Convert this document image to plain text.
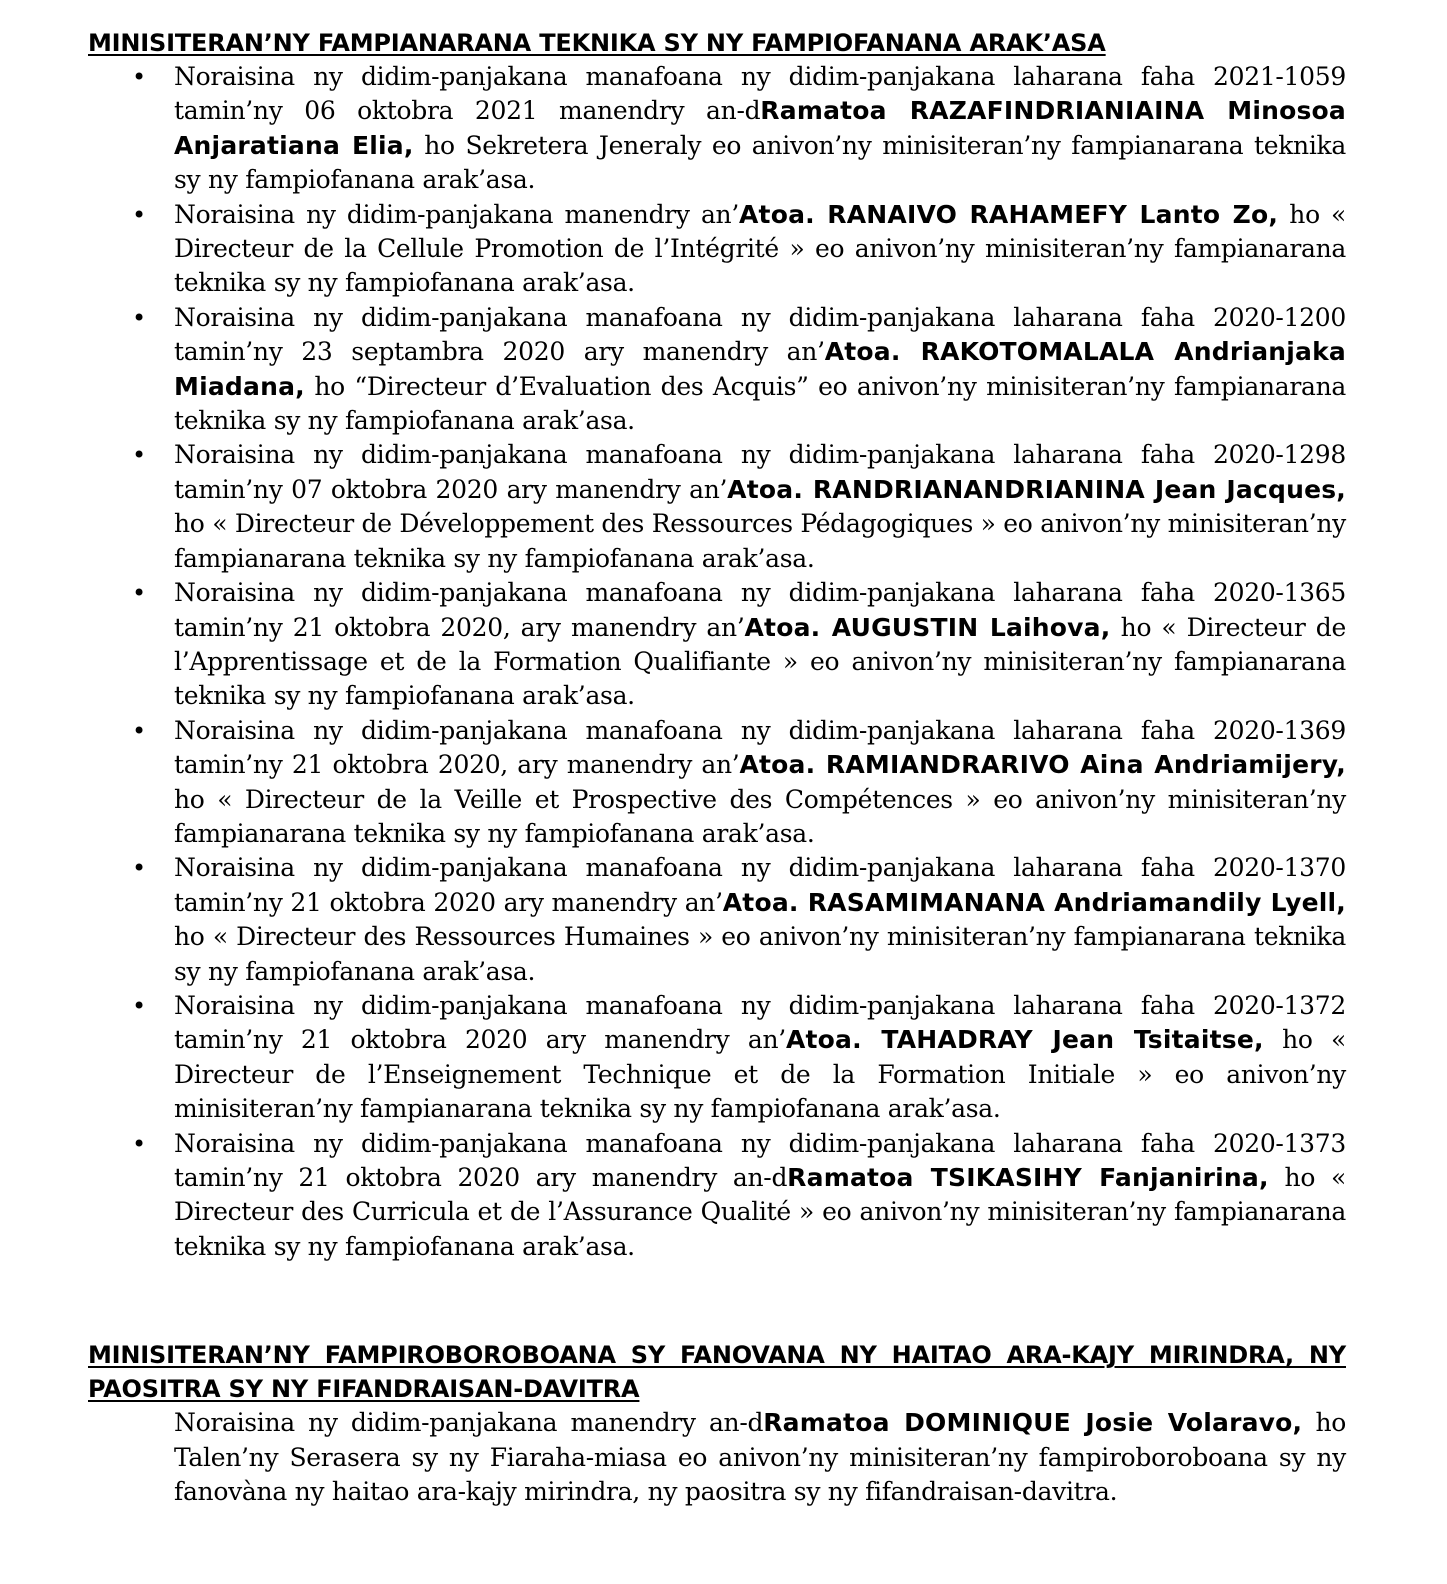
MINISITERAN’NY FAMPIANARANA TEKNIKA SY NY FAMPIOFANANA ARAK’ASA
• Noraisina ny didim-panjakana manafoana ny didim-panjakana laharana faha 2021-1059 tamin’ny 06 oktobra 2021 manendry an-dRamatoa RAZAFINDRIANIAINA Minosoa Anjaratiana Elia, ho Sekretera Jeneraly eo anivon’ny minisiteran’ny fampianarana teknika sy ny fampiofanana arak’asa.
• Noraisina ny didim-panjakana manendry an’Atoa. RANAIVO RAHAMEFY Lanto Zo, ho « Directeur de la Cellule Promotion de l’Intégrité » eo anivon’ny minisiteran’ny fampianarana teknika sy ny fampiofanana arak’asa.
• Noraisina ny didim-panjakana manafoana ny didim-panjakana laharana faha 2020-1200 tamin’ny 23 septambra 2020 ary manendry an’Atoa. RAKOTOMALALA Andrianjaka Miadana, ho “Directeur d’Evaluation des Acquis” eo anivon’ny minisiteran’ny fampianarana teknika sy ny fampiofanana arak’asa.
• Noraisina ny didim-panjakana manafoana ny didim-panjakana laharana faha 2020-1298 tamin’ny 07 oktobra 2020 ary manendry an’Atoa. RANDRIANANDRIANINA Jean Jacques, ho « Directeur de Développement des Ressources Pédagogiques » eo anivon’ny minisiteran’ny fampianarana teknika sy ny fampiofanana arak’asa.
• Noraisina ny didim-panjakana manafoana ny didim-panjakana laharana faha 2020-1365 tamin’ny 21 oktobra 2020, ary manendry an’Atoa. AUGUSTIN Laihova, ho « Directeur de l’Apprentissage et de la Formation Qualifiante » eo anivon’ny minisiteran’ny fampianarana teknika sy ny fampiofanana arak’asa.
• Noraisina ny didim-panjakana manafoana ny didim-panjakana laharana faha 2020-1369 tamin’ny 21 oktobra 2020, ary manendry an’Atoa. RAMIANDRARIVO Aina Andriamijery, ho « Directeur de la Veille et Prospective des Compétences » eo anivon’ny minisiteran’ny fampianarana teknika sy ny fampiofanana arak’asa.
• Noraisina ny didim-panjakana manafoana ny didim-panjakana laharana faha 2020-1370 tamin’ny 21 oktobra 2020 ary manendry an’Atoa. RASAMIMANANA Andriamandily Lyell, ho « Directeur des Ressources Humaines » eo anivon’ny minisiteran’ny fampianarana teknika sy ny fampiofanana arak’asa.
• Noraisina ny didim-panjakana manafoana ny didim-panjakana laharana faha 2020-1372 tamin’ny 21 oktobra 2020 ary manendry an’Atoa. TAHADRAY Jean Tsitaitse, ho « Directeur de l’Enseignement Technique et de la Formation Initiale » eo anivon’ny minisiteran’ny fampianarana teknika sy ny fampiofanana arak’asa.
• Noraisina ny didim-panjakana manafoana ny didim-panjakana laharana faha 2020-1373 tamin’ny 21 oktobra 2020 ary manendry an-dRamatoa TSIKASIHY Fanjanirina, ho « Directeur des Curricula et de l’Assurance Qualité » eo anivon’ny minisiteran’ny fampianarana teknika sy ny fampiofanana arak’asa.
MINISITERAN’NY FAMPIROBOROBOANA SY FANOVANA NY HAITAO ARA-KAJY MIRINDRA, NY PAOSITRA SY NY FIFANDRAISAN-DAVITRA

Noraisina ny didim-panjakana manendry an-dRamatoa DOMINIQUE Josie Volaravo, ho Talen’ny Serasera sy ny Fiaraha-miasa eo anivon’ny minisiteran’ny fampiroboroboana sy ny fanovàna ny haitao ara-kajy mirindra, ny paositra sy ny fifandraisan-davitra.
